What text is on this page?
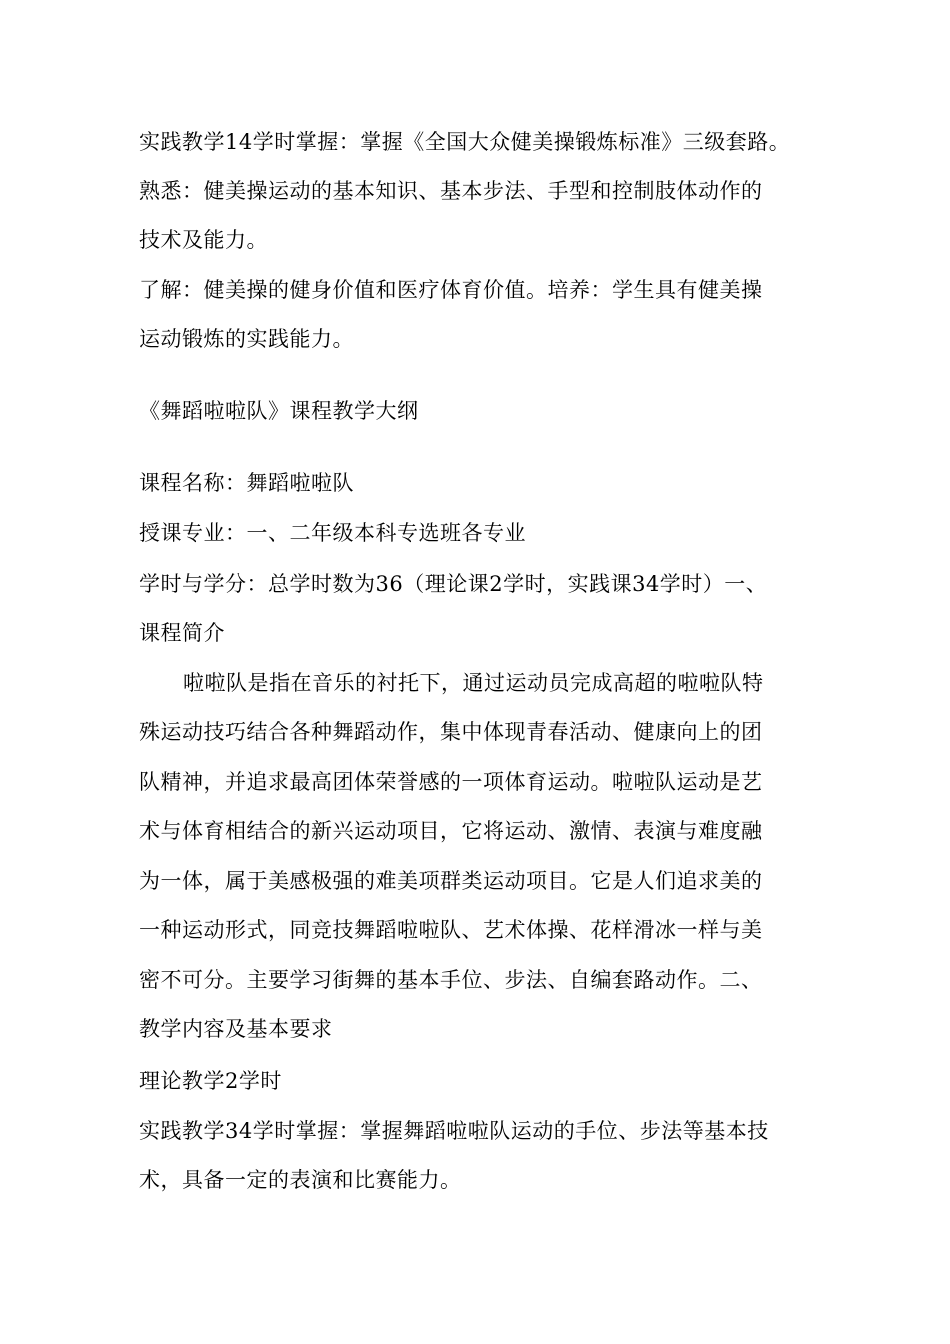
实践教学14学时掌握：掌握《全国大众健美操锻炼标准》三级套路。
熟悉：健美操运动的基本知识、基本步法、手型和控制肢体动作的
技术及能力。
了解：健美操的健身价值和医疗体育价值。培养：学生具有健美操
运动锻炼的实践能力。
《舞蹈啦啦队》课程教学大纲
课程名称：舞蹈啦啦队
授课专业：一、二年级本科专选班各专业
学时与学分：总学时数为36（理论课2学时，实践课34学时）一、
课程简介
啦啦队是指在音乐的衬托下，通过运动员完成高超的啦啦队特
殊运动技巧结合各种舞蹈动作，集中体现青春活动、健康向上的团
队精神，并追求最高团体荣誉感的一项体育运动。啦啦队运动是艺
术与体育相结合的新兴运动项目，它将运动、激情、表演与难度融
为一体，属于美感极强的难美项群类运动项目。它是人们追求美的
一种运动形式，同竞技舞蹈啦啦队、艺术体操、花样滑冰一样与美
密不可分。主要学习街舞的基本手位、步法、自编套路动作。二、
教学内容及基本要求
理论教学2学时
实践教学34学时掌握：掌握舞蹈啦啦队运动的手位、步法等基本技
术，具备一定的表演和比赛能力。
